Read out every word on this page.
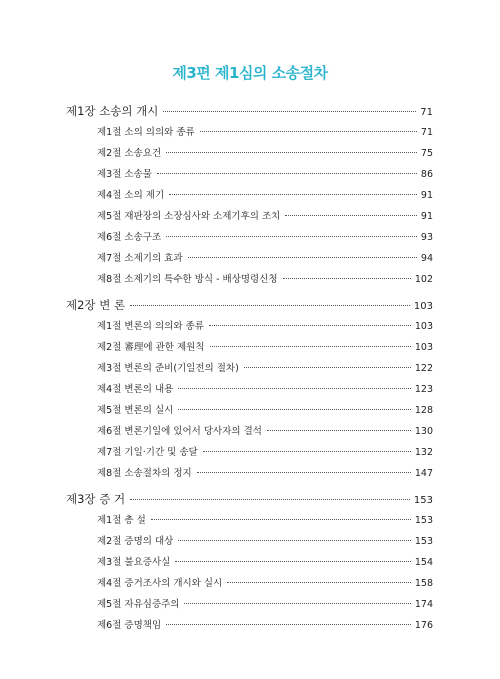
제3편 제1심의 소송절차
제1장 소송의 개시	71
제1절 소의 의의와 종류	71
제2절 소송요건	75
제3절 소송물	86
제4절 소의 제기	91
제5절 재판장의 소장심사와 소제기후의 조치	91
제6절 소송구조	93
제7절 소제기의 효과	94
제8절 소제기의 특수한 방식 - 배상명령신청	102
제2장 변 론	103
제1절 변론의 의의와 종류	103
제2절 審理에 관한 제원칙	103
제3절 변론의 준비(기일전의 절차)	122
제4절 변론의 내용	123
제5절 변론의 실시	128
제6절 변론기일에 있어서 당사자의 결석	130
제7절 기일·기간 및 송달	132
제8절 소송절차의 정지	147
제3장 증 거	153
제1절 총 설	153
제2절 증명의 대상	153
제3절 불요증사실	154
제4절 증거조사의 개시와 실시	158
제5절 자유심증주의	174
제6절 증명책임	176
